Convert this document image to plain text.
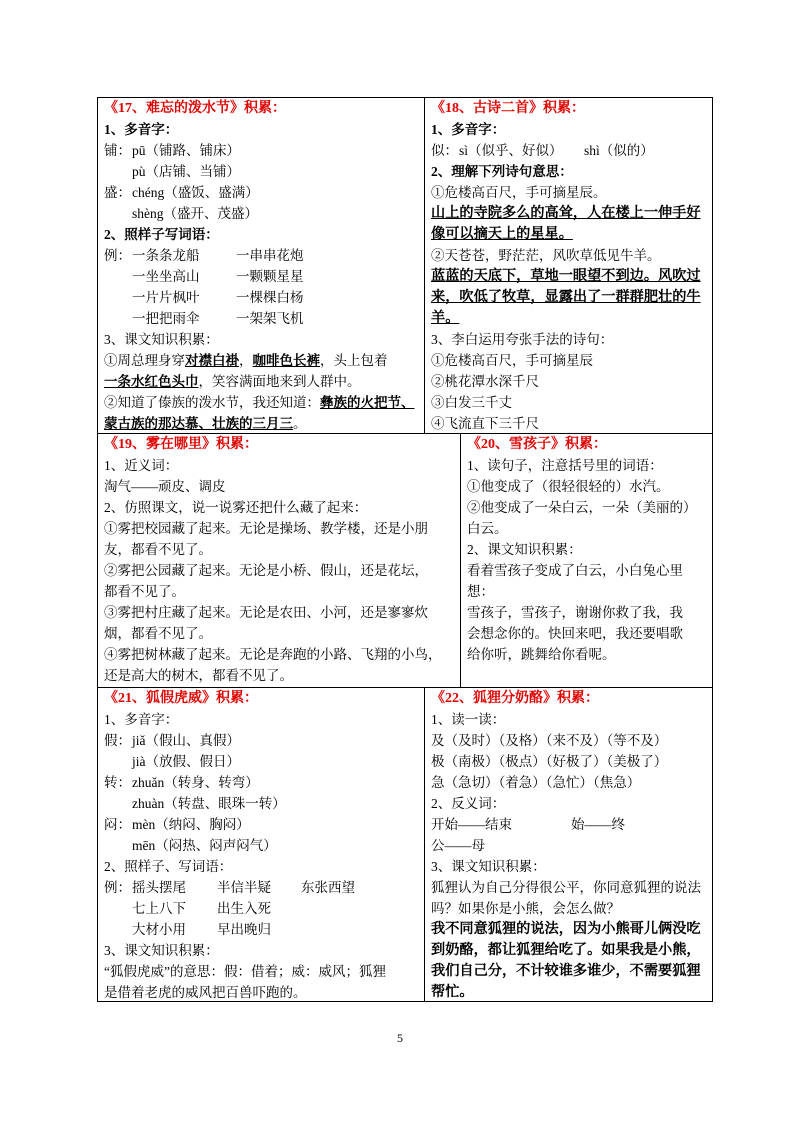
《17、难忘的泼水节》积累：
1、多音字：
铺：pū（铺路、铺床）
pù（店铺、当铺）
盛：chéng（盛饭、盛满）
shèng（盛开、茂盛）
2、照样子写词语：
例：一条条龙船	一串串花炮
一坐坐高山	一颗颗星星
一片片枫叶	一棵棵白杨
一把把雨伞	一架架飞机
3、课文知识积累：
①周总理身穿对襟白褂，咖啡色长裤，头上包着
一条水红色头巾，笑容满面地来到人群中。
②知道了傣族的泼水节，我还知道：彝族的火把节、
蒙古族的那达慕、壮族的三月三。
《18、古诗二首》积累：
1、多音字：
似：sì（似乎、好似） shì（似的）
2、理解下列诗句意思：
①危楼高百尺，手可摘星辰。
山上的寺院多么的高耸，人在楼上一伸手好
像可以摘天上的星星。
②天苍苍，野茫茫，风吹草低见牛羊。
蓝蓝的天底下，草地一眼望不到边。风吹过
来，吹低了牧草，显露出了一群群肥壮的牛
羊。
3、李白运用夸张手法的诗句：
①危楼高百尺，手可摘星辰
②桃花潭水深千尺
③白发三千丈
④飞流直下三千尺
《19、雾在哪里》积累：
1、近义词：
淘气——顽皮、调皮
2、仿照课文，说一说雾还把什么藏了起来：
①雾把校园藏了起来。无论是操场、教学楼，还是小朋
友，都看不见了。
②雾把公园藏了起来。无论是小桥、假山，还是花坛，
都看不见了。
③雾把村庄藏了起来。无论是农田、小河，还是寥寥炊
烟，都看不见了。
④雾把树林藏了起来。无论是奔跑的小路、飞翔的小鸟，
还是高大的树木，都看不见了。
《20、雪孩子》积累：
1、读句子，注意括号里的词语：
①他变成了（很轻很轻的）水汽。
②他变成了一朵白云，一朵（美丽的）
白云。
2、课文知识积累：
看着雪孩子变成了白云，小白兔心里
想：
雪孩子，雪孩子，谢谢你救了我，我
会想念你的。快回来吧，我还要唱歌
给你听，跳舞给你看呢。
《21、狐假虎威》积累：
1、多音字：
假：jiǎ（假山、真假）
jià（放假、假日）
转：zhuǎn（转身、转弯）
zhuàn（转盘、眼珠一转）
闷：mèn（纳闷、胸闷）
mēn（闷热、闷声闷气）
2、照样子、写词语：
例：摇头摆尾 半信半疑 东张西望
七上八下 出生入死
大材小用 早出晚归
3、课文知识积累：
“狐假虎威”的意思：假：借着；威：威风；狐狸
是借着老虎的威风把百兽吓跑的。
《22、狐狸分奶酪》积累：
1、读一读：
及（及时）（及格）（来不及）（等不及）
极（南极）（极点）（好极了）（美极了）
急（急切）（着急）（急忙）（焦急）
2、反义词：
开始——结束	始——终
公——母
3、课文知识积累：
狐狸认为自己分得很公平，你同意狐狸的说法
吗？如果你是小熊，会怎么做？
我不同意狐狸的说法，因为小熊哥儿俩没吃
到奶酪，都让狐狸给吃了。如果我是小熊，
我们自己分，不计较谁多谁少，不需要狐狸
帮忙。
5
